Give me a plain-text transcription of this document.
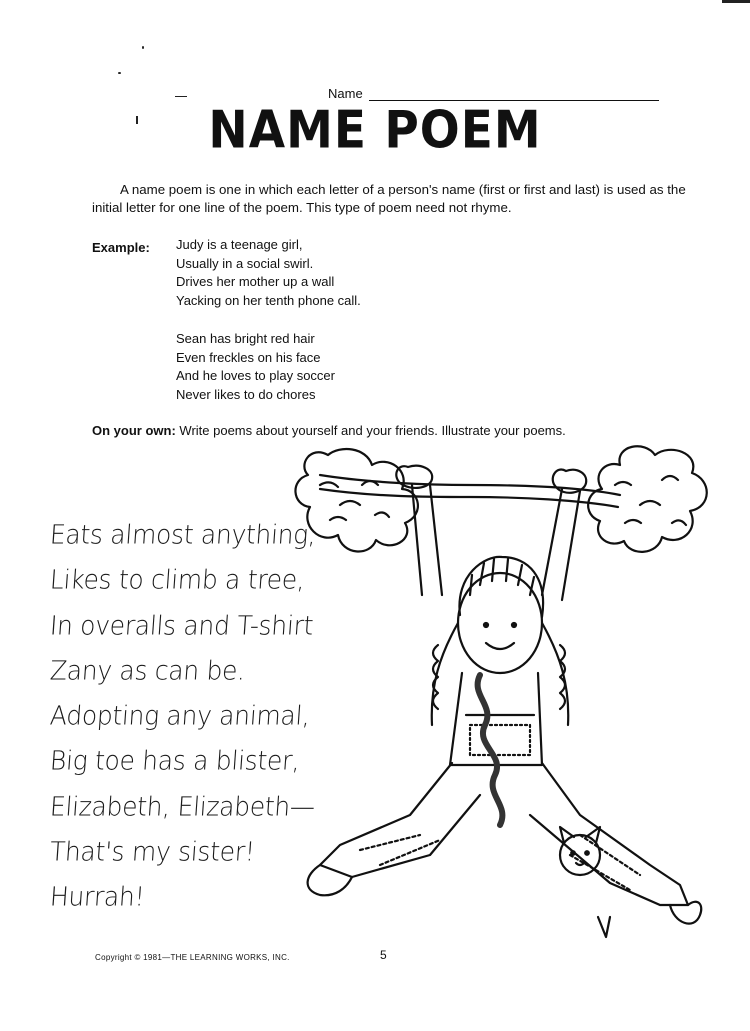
Name
NAME POEM

A name poem is one in which each letter of a person's name (first or first and last) is used as the initial letter for one line of the poem. This type of poem need not rhyme.

Example: Judy is a teenage girl,
Usually in a social swirl.
Drives her mother up a wall
Yacking on her tenth phone call.
Sean has bright red hair
Even freckles on his face
And he loves to play soccer
Never likes to do chores
On your own: Write poems about yourself and your friends. Illustrate your poems.
Eats almost anything,
Likes to climb a tree,
In overalls and T-shirt
Zany as can be.
Adopting any animal,
Big toe has a blister,
Elizabeth, Elizabeth—
That's my sister!
Hurrah!
Copyright © 1981—THE LEARNING WORKS, INC.	5
